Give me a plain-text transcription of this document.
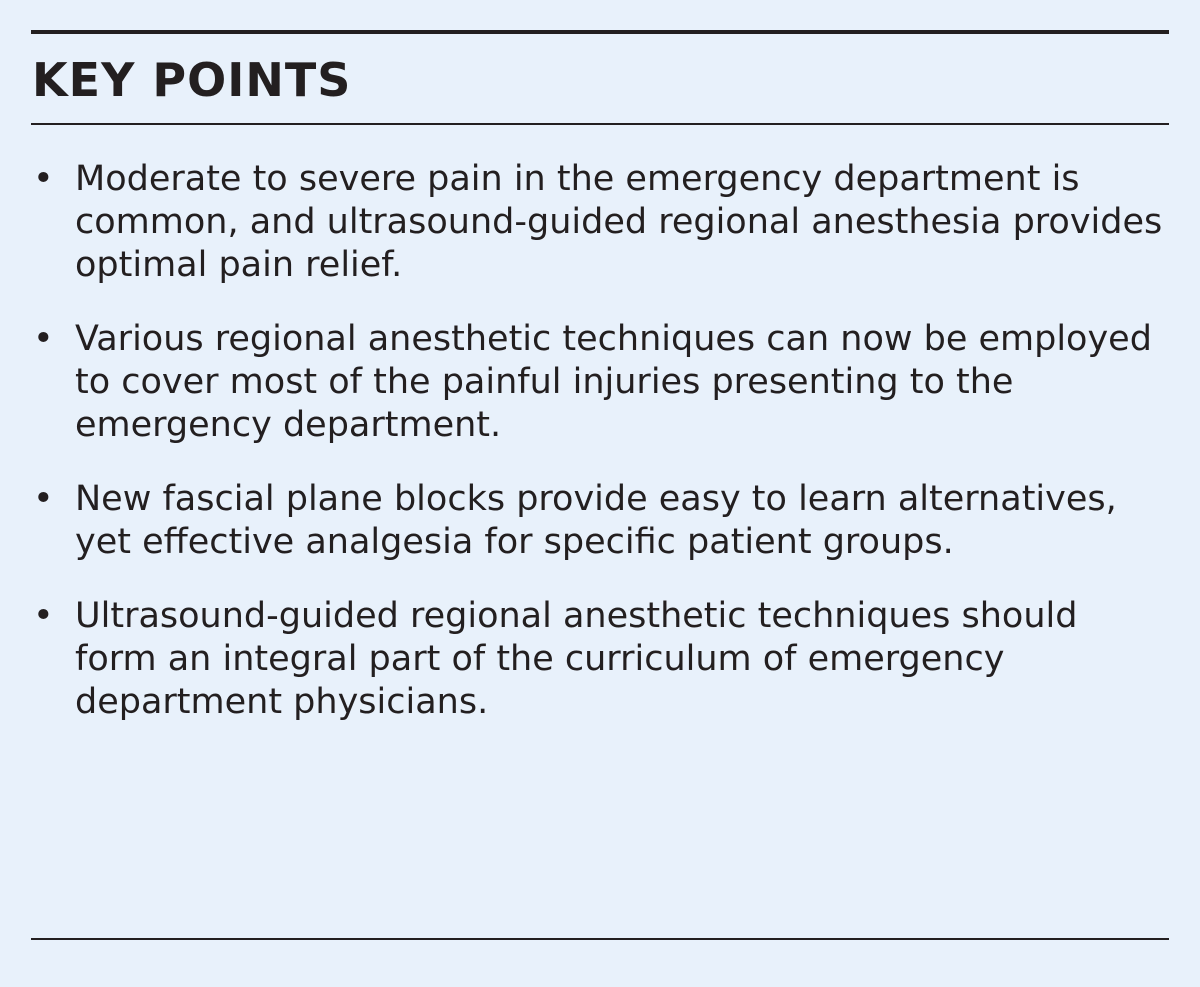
KEY POINTS
• Moderate to severe pain in the emergency department is common, and ultrasound-guided regional anesthesia provides optimal pain relief.
• Various regional anesthetic techniques can now be employed to cover most of the painful injuries presenting to the emergency department.
• New fascial plane blocks provide easy to learn alternatives, yet effective analgesia for specific patient groups.
• Ultrasound-guided regional anesthetic techniques should form an integral part of the curriculum of emergency department physicians.
